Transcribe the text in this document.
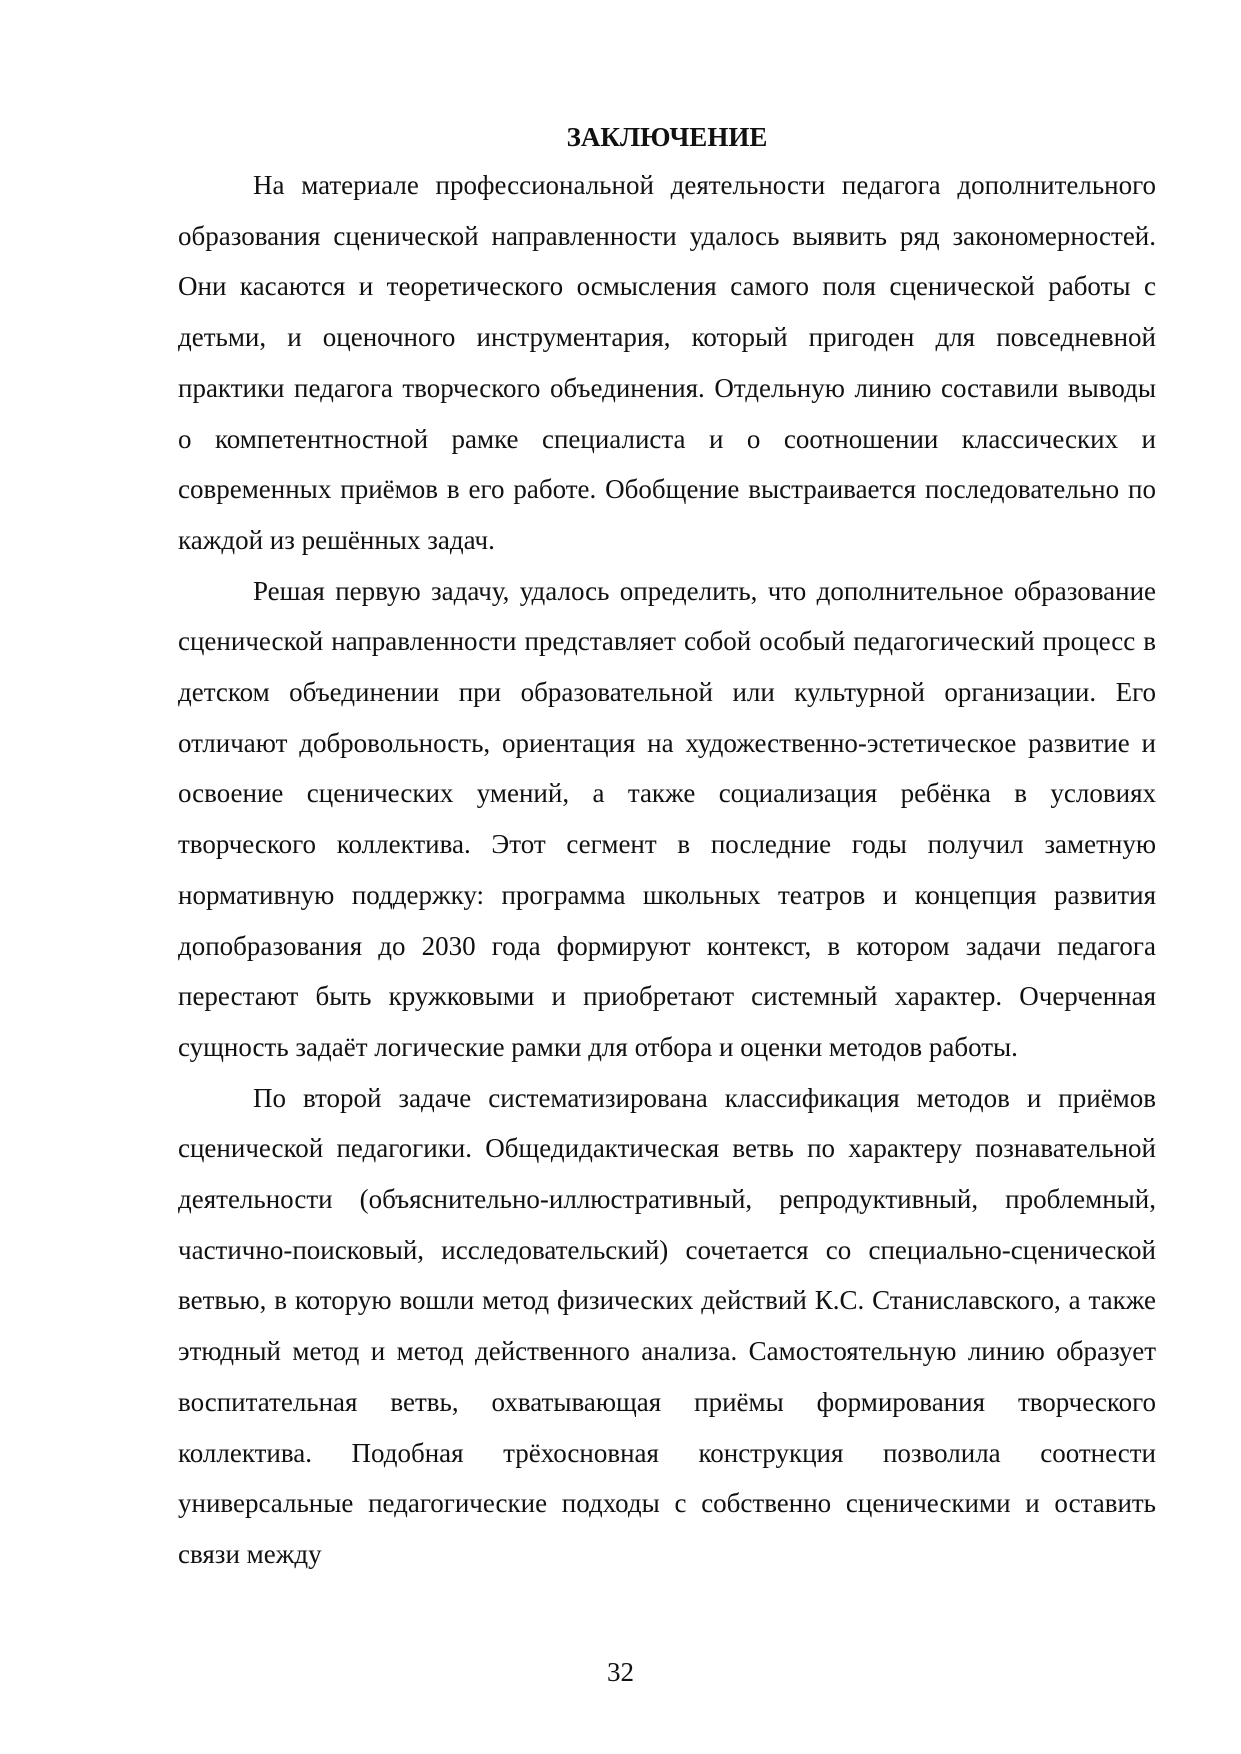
ЗАКЛЮЧЕНИЕ

На материале профессиональной деятельности педагога дополнительного образования сценической направленности удалось выявить ряд закономерностей. Они касаются и теоретического осмысления самого поля сценической работы с детьми, и оценочного инструментария, который пригоден для повседневной практики педагога творческого объединения. Отдельную линию составили выводы о компетентностной рамке специалиста и о соотношении классических и современных приёмов в его работе. Обобщение выстраивается последовательно по каждой из решённых задач.

Решая первую задачу, удалось определить, что дополнительное образование сценической направленности представляет собой особый педагогический процесс в детском объединении при образовательной или культурной организации. Его отличают добровольность, ориентация на художественно-эстетическое развитие и освоение сценических умений, а также социализация ребёнка в условиях творческого коллектива. Этот сегмент в последние годы получил заметную нормативную поддержку: программа школьных театров и концепция развития допобразования до 2030 года формируют контекст, в котором задачи педагога перестают быть кружковыми и приобретают системный характер. Очерченная сущность задаёт логические рамки для отбора и оценки методов работы.

По второй задаче систематизирована классификация методов и приёмов сценической педагогики. Общедидактическая ветвь по характеру познавательной деятельности (объяснительно-иллюстративный, репродуктивный, проблемный, частично-поисковый, исследовательский) сочетается со специально-сценической ветвью, в которую вошли метод физических действий К.С. Станиславского, а также этюдный метод и метод действенного анализа. Самостоятельную линию образует воспитательная ветвь, охватывающая приёмы формирования творческого коллектива. Подобная трёхосновная конструкция позволила соотнести универсальные педагогические подходы с собственно сценическими и оставить связи между

32
